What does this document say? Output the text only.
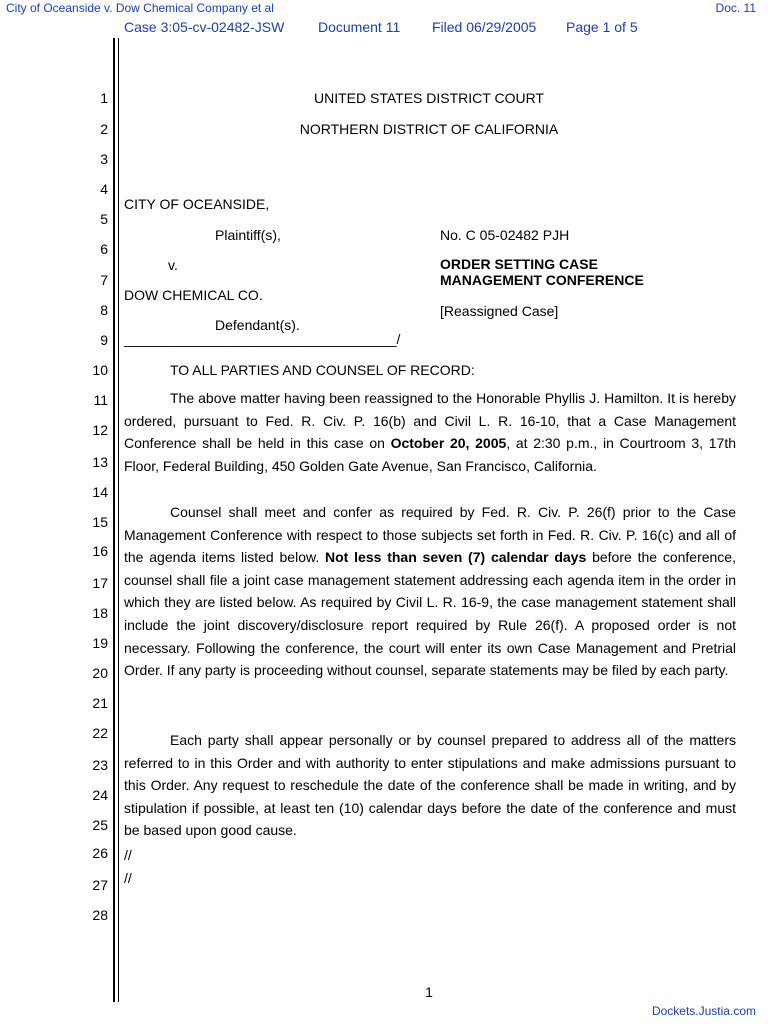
City of Oceanside v. Dow Chemical Company et al	Doc. 11
Case 3:05-cv-02482-JSW Document 11 Filed 06/29/2005 Page 1 of 5
1
2
3
4
5
6
7
8
9
10
11
12
13
14
15
16
17
18
19
20
21
22
23
24
25
26
27
28
UNITED STATES DISTRICT COURT
NORTHERN DISTRICT OF CALIFORNIA
CITY OF OCEANSIDE,
Plaintiff(s),
v.
DOW CHEMICAL CO.
Defendant(s).
___________________________________/
No. C 05-02482 PJH
ORDER SETTING CASE
MANAGEMENT CONFERENCE
[Reassigned Case]
TO ALL PARTIES AND COUNSEL OF RECORD:
The above matter having been reassigned to the Honorable Phyllis J. Hamilton. It is hereby ordered, pursuant to Fed. R. Civ. P. 16(b) and Civil L. R. 16-10, that a Case Management Conference shall be held in this case on October 20, 2005, at 2:30 p.m., in Courtroom 3, 17th Floor, Federal Building, 450 Golden Gate Avenue, San Francisco, California.
Counsel shall meet and confer as required by Fed. R. Civ. P. 26(f) prior to the Case Management Conference with respect to those subjects set forth in Fed. R. Civ. P. 16(c) and all of the agenda items listed below. Not less than seven (7) calendar days before the conference, counsel shall file a joint case management statement addressing each agenda item in the order in which they are listed below. As required by Civil L. R. 16-9, the case management statement shall include the joint discovery/disclosure report required by Rule 26(f). A proposed order is not necessary. Following the conference, the court will enter its own Case Management and Pretrial Order. If any party is proceeding without counsel, separate statements may be filed by each party.
Each party shall appear personally or by counsel prepared to address all of the matters referred to in this Order and with authority to enter stipulations and make admissions pursuant to this Order. Any request to reschedule the date of the conference shall be made in writing, and by stipulation if possible, at least ten (10) calendar days before the date of the conference and must be based upon good cause.
//
//
1
Dockets.Justia.com
